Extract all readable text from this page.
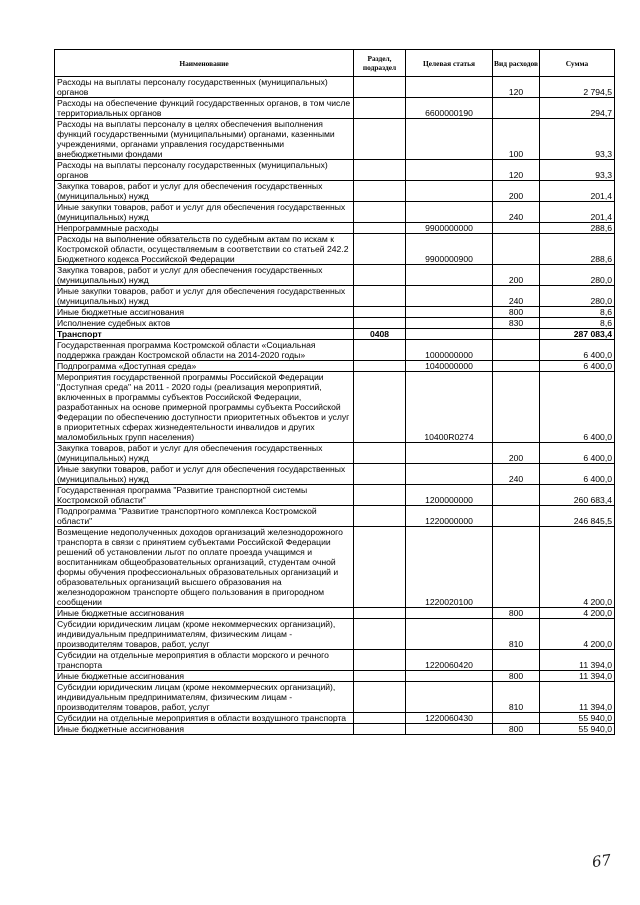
Наименование	Раздел, подраздел	Целевая статья	Вид расходов	Сумма
Расходы на выплаты персоналу государственных (муниципальных) органов			120	2 794,5
Расходы на обеспечение функций государственных органов, в том числе территориальных органов		6600000190		294,7
Расходы на выплаты персоналу в целях обеспечения выполнения функций государственными (муниципальными) органами, казенными учреждениями, органами управления государственными внебюджетными фондами			100	93,3
Расходы на выплаты персоналу государственных (муниципальных) органов			120	93,3
Закупка товаров, работ и услуг для обеспечения государственных (муниципальных) нужд			200	201,4
Иные закупки товаров, работ и услуг для обеспечения государственных (муниципальных) нужд			240	201,4
Непрограммные расходы		9900000000		288,6
Расходы на выполнение обязательств по судебным актам по искам к Костромской области, осуществляемым в соответствии со статьей 242.2 Бюджетного кодекса Российской Федерации		9900000900		288,6
Закупка товаров, работ и услуг для обеспечения государственных (муниципальных) нужд			200	280,0
Иные закупки товаров, работ и услуг для обеспечения государственных (муниципальных) нужд			240	280,0
Иные бюджетные ассигнования			800	8,6
Исполнение судебных актов			830	8,6
Транспорт	0408			287 083,4
Государственная программа Костромской области «Социальная поддержка граждан Костромской области на 2014-2020 годы»		1000000000		6 400,0
Подпрограмма «Доступная среда»		1040000000		6 400,0
Мероприятия государственной программы Российской Федерации "Доступная среда" на 2011 - 2020 годы (реализация мероприятий, включенных в программы субъектов Российской Федерации, разработанных на основе примерной программы субъекта Российской Федерации по обеспечению доступности приоритетных объектов и услуг в приоритетных сферах жизнедеятельности инвалидов и других маломобильных групп населения)		10400R0274		6 400,0
Закупка товаров, работ и услуг для обеспечения государственных (муниципальных) нужд			200	6 400,0
Иные закупки товаров, работ и услуг для обеспечения государственных (муниципальных) нужд			240	6 400,0
Государственная программа "Развитие транспортной системы Костромской области"		1200000000		260 683,4
Подпрограмма "Развитие транспортного комплекса Костромской области"		1220000000		246 845,5
Возмещение недополученных доходов организаций железнодорожного транспорта в связи с принятием субъектами Российской Федерации решений об установлении льгот по оплате проезда учащимся и воспитанникам общеобразовательных организаций, студентам очной формы обучения профессиональных образовательных организаций и образовательных организаций высшего образования на железнодорожном транспорте общего пользования в пригородном сообщении		1220020100		4 200,0
Иные бюджетные ассигнования			800	4 200,0
Субсидии юридическим лицам (кроме некоммерческих организаций), индивидуальным предпринимателям, физическим лицам - производителям товаров, работ, услуг			810	4 200,0
Субсидии на отдельные мероприятия в области морского и речного транспорта		1220060420		11 394,0
Иные бюджетные ассигнования			800	11 394,0
Субсидии юридическим лицам (кроме некоммерческих организаций), индивидуальным предпринимателям, физическим лицам - производителям товаров, работ, услуг			810	11 394,0
Субсидии на отдельные мероприятия в области воздушного транспорта		1220060430		55 940,0
Иные бюджетные ассигнования			800	55 940,0
67
